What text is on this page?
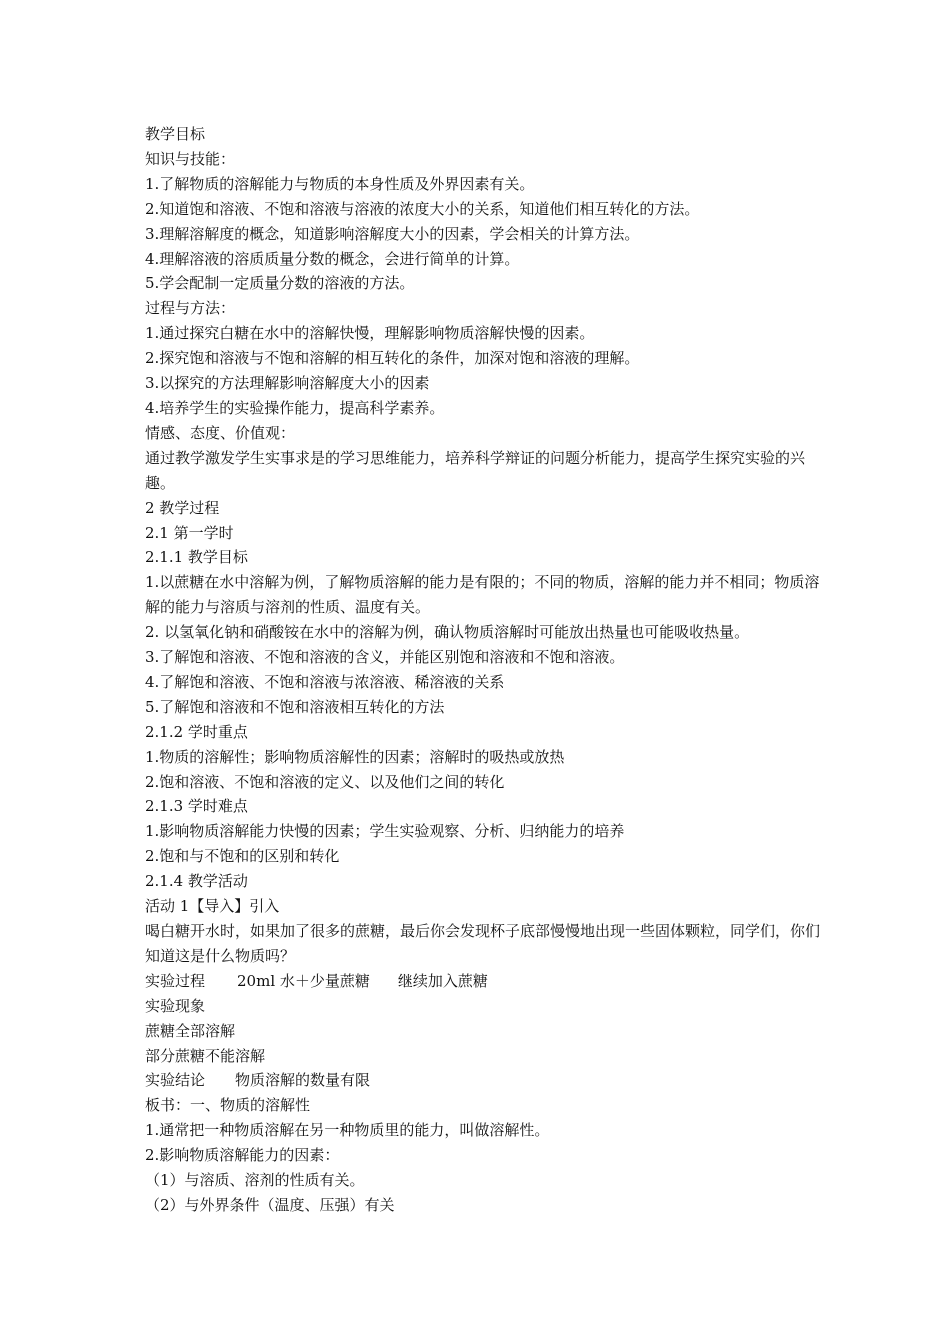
教学目标

知识与技能：

1.了解物质的溶解能力与物质的本身性质及外界因素有关。

2.知道饱和溶液、不饱和溶液与溶液的浓度大小的关系，知道他们相互转化的方法。

3.理解溶解度的概念，知道影响溶解度大小的因素，学会相关的计算方法。

4.理解溶液的溶质质量分数的概念，会进行简单的计算。

5.学会配制一定质量分数的溶液的方法。

过程与方法：

1.通过探究白糖在水中的溶解快慢，理解影响物质溶解快慢的因素。

2.探究饱和溶液与不饱和溶解的相互转化的条件，加深对饱和溶液的理解。

3.以探究的方法理解影响溶解度大小的因素

4.培养学生的实验操作能力，提高科学素养。

情感、态度、价值观：

通过教学激发学生实事求是的学习思维能力，培养科学辩证的问题分析能力，提高学生探究实验的兴趣。

2 教学过程

2.1 第一学时

2.1.1 教学目标

1.以蔗糖在水中溶解为例，了解物质溶解的能力是有限的；不同的物质，溶解的能力并不相同；物质溶解的能力与溶质与溶剂的性质、温度有关。

2. 以氢氧化钠和硝酸铵在水中的溶解为例，确认物质溶解时可能放出热量也可能吸收热量。

3.了解饱和溶液、不饱和溶液的含义，并能区别饱和溶液和不饱和溶液。

4.了解饱和溶液、不饱和溶液与浓溶液、稀溶液的关系

5.了解饱和溶液和不饱和溶液相互转化的方法

2.1.2 学时重点

1.物质的溶解性；影响物质溶解性的因素；溶解时的吸热或放热

2.饱和溶液、不饱和溶液的定义、以及他们之间的转化

2.1.3 学时难点

1.影响物质溶解能力快慢的因素；学生实验观察、分析、归纳能力的培养

2.饱和与不饱和的区别和转化

2.1.4 教学活动

活动 1【导入】引入

喝白糖开水时，如果加了很多的蔗糖，最后你会发现杯子底部慢慢地出现一些固体颗粒，同学们，你们知道这是什么物质吗？

实验过程 20ml 水＋少量蔗糖 继续加入蔗糖

实验现象

蔗糖全部溶解

部分蔗糖不能溶解

实验结论 物质溶解的数量有限

板书：一、物质的溶解性

1.通常把一种物质溶解在另一种物质里的能力，叫做溶解性。

2.影响物质溶解能力的因素：

（1）与溶质、溶剂的性质有关。

（2）与外界条件（温度、压强）有关
